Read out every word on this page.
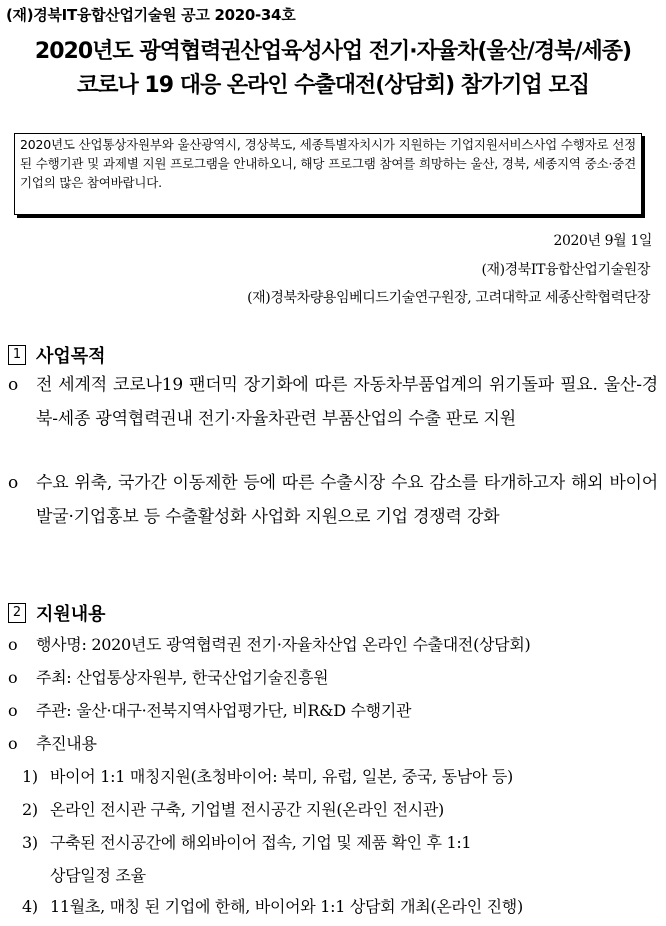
(재)경북IT융합산업기술원 공고 2020-34호
2020년도 광역협력권산업육성사업 전기·자율차(울산/경북/세종)
코로나 19 대응 온라인 수출대전(상담회) 참가기업 모집
2020년도 산업통상자원부와 울산광역시, 경상북도, 세종특별자치시가 지원하는 기업지원서비스사업 수행자로 선정된 수행기관 및 과제별 지원 프로그램을 안내하오니, 해당 프로그램 참여를 희망하는 울산, 경북, 세종지역 중소·중견기업의 많은 참여바랍니다.
2020년 9월 1일
(재)경북IT융합산업기술원장
(재)경북차량용임베디드기술연구원장, 고려대학교 세종산학협력단장
1 사업목적
o 전 세계적 코로나19 팬더믹 장기화에 따른 자동차부품업계의 위기돌파 필요. 울산-경북-세종 광역협력권내 전기·자율차관련 부품산업의 수출 판로 지원
o 수요 위축, 국가간 이동제한 등에 따른 수출시장 수요 감소를 타개하고자 해외 바이어 발굴·기업홍보 등 수출활성화 사업화 지원으로 기업 경쟁력 강화
2 지원내용
o 행사명: 2020년도 광역협력권 전기·자율차산업 온라인 수출대전(상담회)
o 주최: 산업통상자원부, 한국산업기술진흥원
o 주관: 울산·대구·전북지역사업평가단, 비R&D 수행기관
o 추진내용
1) 바이어 1:1 매칭지원(초청바이어: 북미, 유럽, 일본, 중국, 동남아 등)
2) 온라인 전시관 구축, 기업별 전시공간 지원(온라인 전시관)
3) 구축된 전시공간에 해외바이어 접속, 기업 및 제품 확인 후 1:1
상담일정 조율
4) 11월초, 매칭 된 기업에 한해, 바이어와 1:1 상담회 개최(온라인 진행)
